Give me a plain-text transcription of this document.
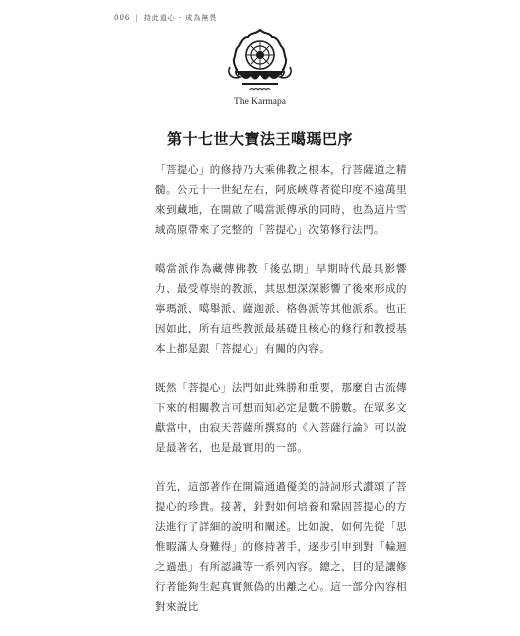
006 | 持此道心 · 成為無畏
The Karmapa
第十七世大寶法王噶瑪巴序

「菩提心」的修持乃大乘佛教之根本，行菩薩道之精髓。公元十一世紀左右，阿底峽尊者從印度不遠萬里來到藏地，在開啟了噶當派傳承的同時，也為這片雪域高原帶來了完整的「菩提心」次第修行法門。

噶當派作為藏傳佛教「後弘期」早期時代最具影響力、最受尊崇的教派，其思想深深影響了後來形成的寧瑪派、噶舉派、薩迦派、格魯派等其他派系。也正因如此，所有這些教派最基礎且核心的修行和教授基本上都是跟「菩提心」有關的內容。

既然「菩提心」法門如此殊勝和重要，那麼自古流傳下來的相關教言可想而知必定是數不勝數。在眾多文獻當中，由寂天菩薩所撰寫的《入菩薩行論》可以說是最著名，也是最實用的一部。

首先，這部著作在開篇通過優美的詩詞形式讚頌了菩提心的珍貴。接著，針對如何培養和鞏固菩提心的方法進行了詳細的說明和闡述。比如說，如何先從「思惟暇滿人身難得」的修持著手，逐步引申到對「輪迴之過患」有所認識等一系列內容。總之，目的是讓修行者能夠生起真實無偽的出離之心。這一部分內容相對來說比
